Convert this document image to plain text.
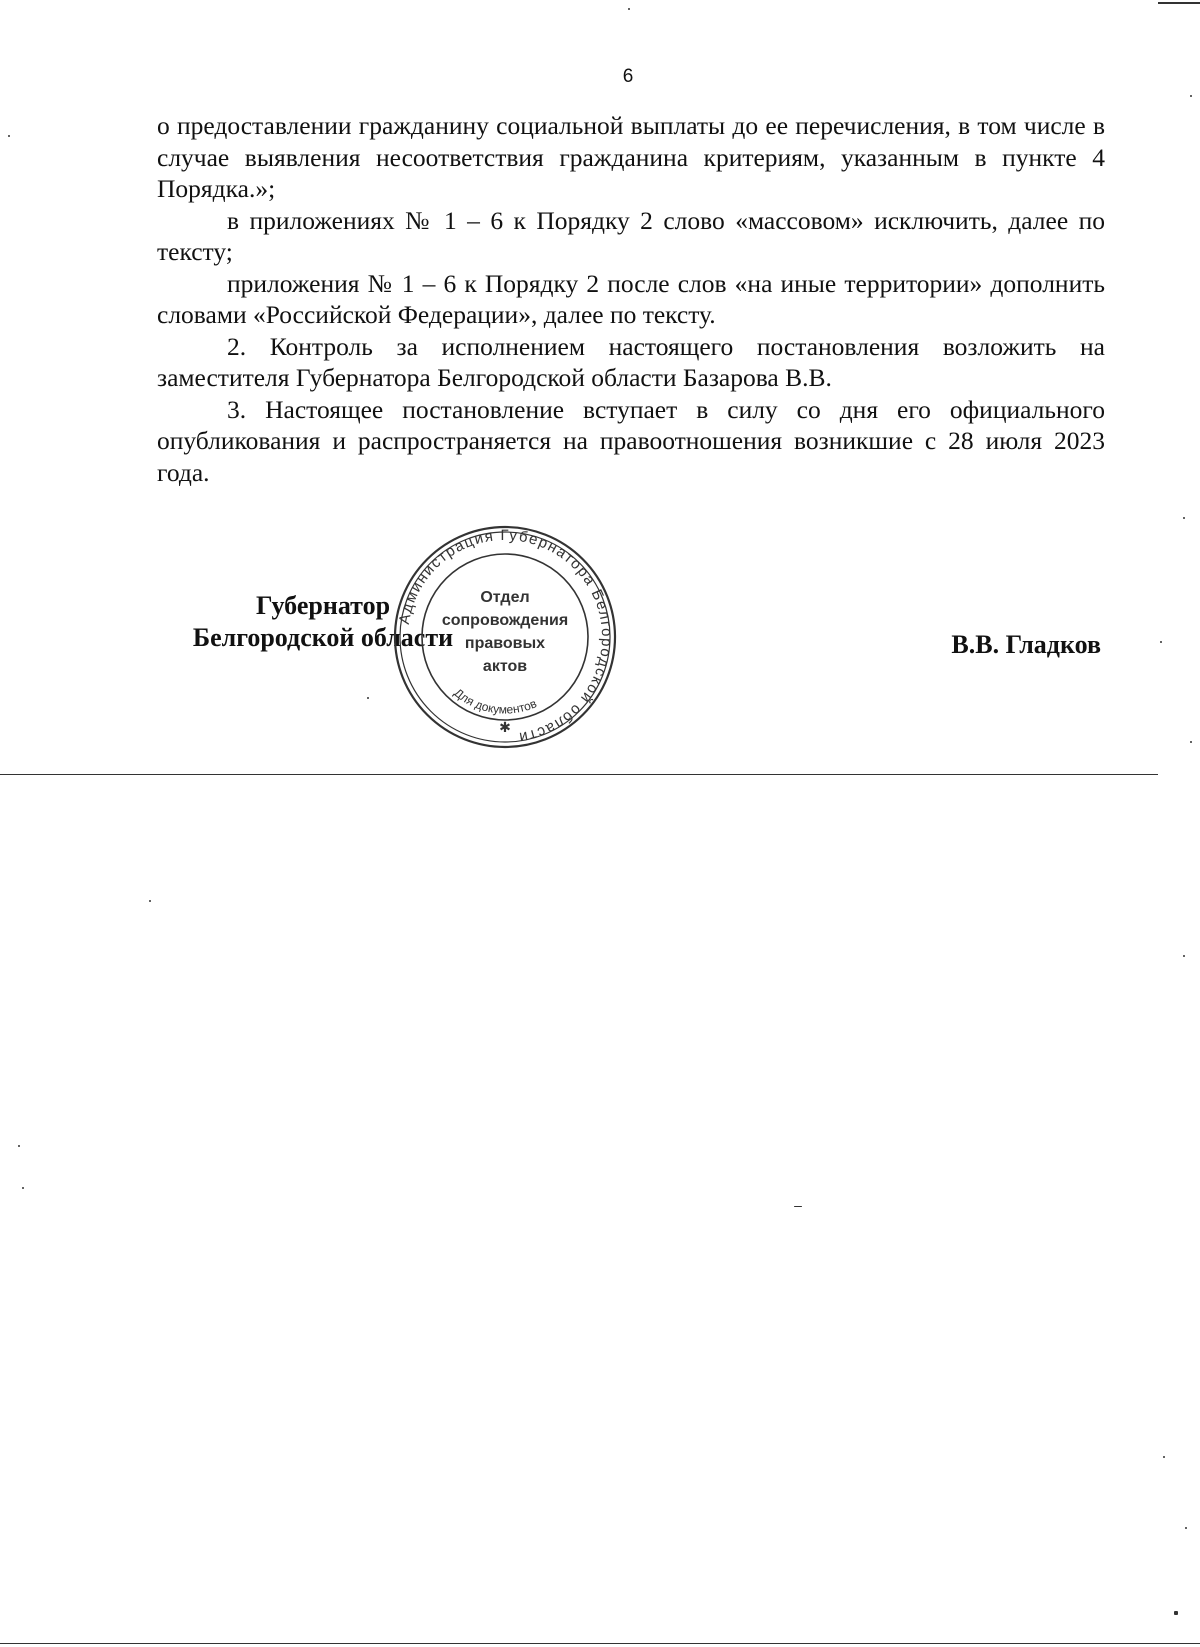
6

о предоставлении гражданину социальной выплаты до ее перечисления, в том числе в случае выявления несоответствия гражданина критериям, указанным в пункте 4 Порядка.»;

в приложениях № 1 – 6 к Порядку 2 слово «массовом» исключить, далее по тексту;

приложения № 1 – 6 к Порядку 2 после слов «на иные территории» дополнить словами «Российской Федерации», далее по тексту.

2. Контроль за исполнением настоящего постановления возложить на заместителя Губернатора Белгородской области Базарова В.В.

3. Настоящее постановление вступает в силу со дня его официального опубликования и распространяется на правоотношения возникшие с 28 июля 2023 года.

Губернатор
Белгородской области	В.В. Гладков
Администрация Губернатора Белгородской области
Для документов
Отдел
сопровождения
правовых
актов
✱
